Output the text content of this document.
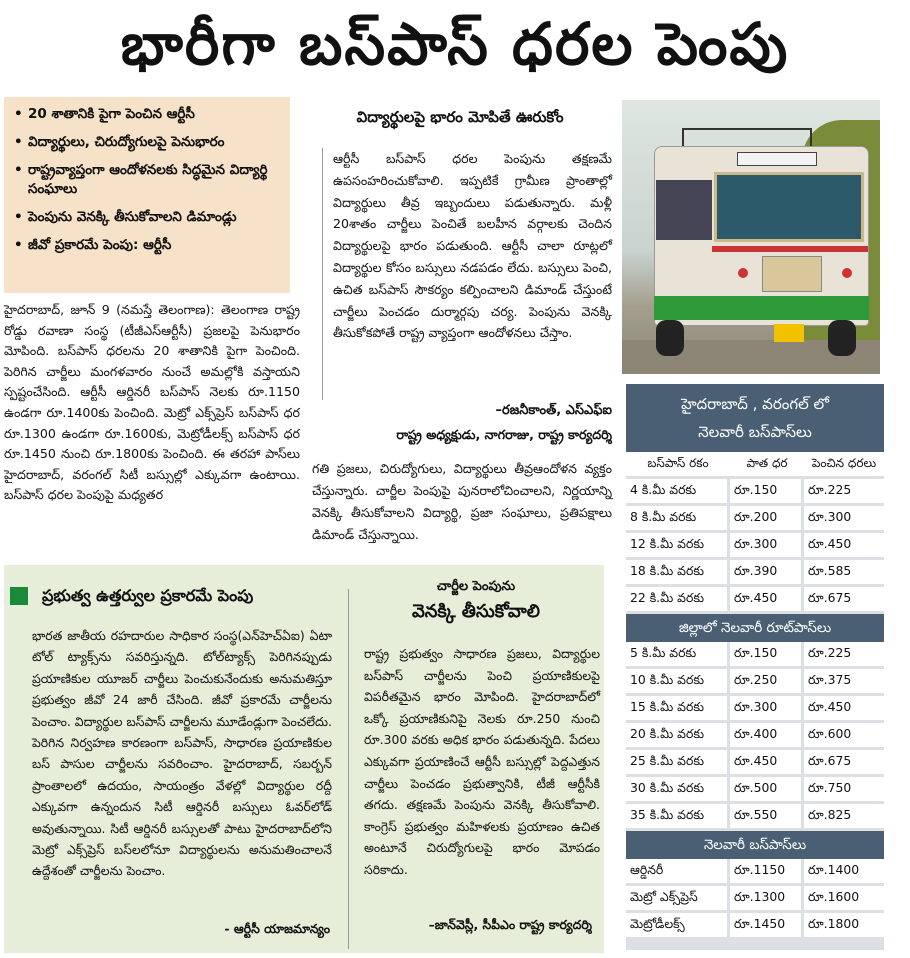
భారీగా బస్‌పాస్ ధరల పెంపు
• 20 శాతానికి పైగా పెంచిన ఆర్టీసీ
• విద్యార్థులు, చిరుద్యోగులపై పెనుభారం
• రాష్ట్రవ్యాప్తంగా ఆందోళనలకు సిద్ధమైన విద్యార్థి సంఘాలు
• పెంపును వెనక్కి తీసుకోవాలని డిమాండ్లు
• జీవో ప్రకారమే పెంపు: ఆర్టీసీ
హైదరాబాద్, జూన్ 9 (నమస్తే తెలంగాణ): తెలంగాణ రాష్ట్ర రోడ్డు రవాణా సంస్థ (టీజీఎస్‌ఆర్టీసీ) ప్రజలపై పెనుభారం మోపింది. బస్‌పాస్ ధరలను 20 శాతానికి పైగా పెంచింది. పెరిగిన చార్జీలు మంగళవారం నుంచే అమల్లోకి వస్తాయని స్పష్టంచేసింది. ఆర్టీసీ ఆర్డినరీ బస్‌పాస్ నెలకు రూ.1150 ఉండగా రూ.1400కు పెంచింది. మెట్రో ఎక్స్‌ప్రెస్ బస్‌పాస్ ధర రూ.1300 ఉండగా రూ.1600కు, మెట్రోడీలక్స్ బస్‌పాస్ ధర రూ.1450 నుంచి రూ.1800కు పెంచింది. ఈ తరహా పాస్‌లు హైదరాబాద్, వరంగల్ సిటీ బస్సుల్లో ఎక్కువగా ఉంటాయి. బస్‌పాస్ ధరల పెంపుపై మధ్యతర
విద్యార్థులపై భారం మోపితే ఊరుకోం
ఆర్టీసీ బస్‌పాస్ ధరల పెంపును తక్షణమే ఉపసంహరించుకోవాలి. ఇప్పటికే గ్రామీణ ప్రాంతాల్లో విద్యార్థులు తీవ్ర ఇబ్బందులు పడుతున్నారు. మళ్లీ 20శాతం చార్జీలు పెంచితే బలహీన వర్గాలకు చెందిన విద్యార్థులపై భారం పడుతుంది. ఆర్టీసీ చాలా రూట్లలో విద్యార్థుల కోసం బస్సులు నడపడం లేదు. బస్సులు పెంచి, ఉచిత బస్‌పాస్ సౌకర్యం కల్పించాలని డిమాండ్ చేస్తుంటే చార్జీలు పెంచడం దుర్మార్గపు చర్య. పెంపును వెనక్కి తీసుకోకపోతే రాష్ట్ర వ్యాప్తంగా ఆందోళనలు చేస్తాం.
–రజనీకాంత్, ఎస్‌ఎఫ్‌ఐ
రాష్ట్ర అధ్యక్షుడు, నాగరాజు, రాష్ట్ర కార్యదర్శి
గతి ప్రజలు, చిరుద్యోగులు, విద్యార్థులు తీవ్రఆందోళన వ్యక్తం చేస్తున్నారు. చార్జీల పెంపుపై పునరాలోచించాలని, నిర్ణయాన్ని వెనక్కి తీసుకోవాలని విద్యార్థి, ప్రజా సంఘాలు, ప్రతిపక్షాలు డిమాండ్ చేస్తున్నాయి.
ప్రభుత్వ ఉత్తర్వుల ప్రకారమే పెంపు
భారత జాతీయ రహదారుల సాధికార సంస్థ(ఎన్‌హెచ్‌ఏఐ) ఏటా టోల్ ట్యాక్స్‌ను సవరిస్తున్నది. టోల్‌ట్యాక్స్ పెరిగినప్పుడు ప్రయాణికుల యూజర్ చార్జీలు పెంచుకునేందుకు అనుమతిస్తూ ప్రభుత్వం జీవో 24 జారీ చేసింది. జీవో ప్రకారమే చార్జీలను పెంచాం. విద్యార్థుల బస్‌పాస్ చార్జీలను మూడేండ్లుగా పెంచలేదు. పెరిగిన నిర్వహణ కారణంగా బస్‌పాస్, సాధారణ ప్రయాణికుల బస్ పాసుల చార్జీలను సవరించాం. హైదరాబాద్, సబర్బన్ ప్రాంతాలలో ఉదయం, సాయంత్రం వేళల్లో విద్యార్థుల రద్దీ ఎక్కువగా ఉన్నందున సిటీ ఆర్డినరీ బస్సులు ఓవర్‌లోడ్ అవుతున్నాయి. సిటీ ఆర్డినరీ బస్సులతో పాటు హైదరాబాద్‌లోని మెట్రో ఎక్స్‌ప్రెస్ బస్‌లలోనూ విద్యార్థులను అనుమతించాలనే ఉద్దేశంతో చార్జీలను పెంచాం.
- ఆర్టీసీ యాజమాన్యం
చార్జీల పెంపును
వెనక్కి తీసుకోవాలి
రాష్ట్ర ప్రభుత్వం సాధారణ ప్రజలు, విద్యార్థుల బస్‌పాస్ చార్జీలను పెంచి ప్రయాణికులపై విపరీతమైన భారం మోపింది. హైదరాబాద్‌లో ఒక్కో ప్రయాణికునిపై నెలకు రూ.250 నుంచి రూ.300 వరకు అధిక భారం పడుతున్నది. పేదలు ఎక్కువగా ప్రయాణించే ఆర్టీసీ బస్సుల్లో పెద్దఎత్తున చార్జీలు పెంచడం ప్రభుత్వానికి, టీజీ ఆర్టీసీకి తగదు. తక్షణమే పెంపును వెనక్కి తీసుకోవాలి. కాంగ్రెస్ ప్రభుత్వం మహిళలకు ప్రయాణం ఉచిత అంటూనే చిరుద్యోగులపై భారం మోపడం సరికాదు.
–జాన్‌వెస్లీ, సీపీఎం రాష్ట్ర కార్యదర్శి
హైదరాబాద్ , వరంగల్ లో
నెలవారీ బస్‌పాస్‌లు
బస్‌పాస్ రకం	పాత ధర	పెంచిన ధరలు
4 కి.మీ వరకు	రూ.150	రూ.225
8 కి.మీ వరకు	రూ.200	రూ.300
12 కి.మీ వరకు	రూ.300	రూ.450
18 కి.మీ వరకు	రూ.390	రూ.585
22 కి.మీ వరకు	రూ.450	రూ.675
జిల్లాలో నెలవారీ రూట్‌పాస్‌లు
5 కి.మీ వరకు	రూ.150	రూ.225
10 కి.మీ వరకు	రూ.250	రూ.375
15 కి.మీ వరకు	రూ.300	రూ.450
20 కి.మీ వరకు	రూ.400	రూ.600
25 కి.మీ వరకు	రూ.450	రూ.675
30 కి.మీ వరకు	రూ.500	రూ.750
35 కి.మీ వరకు	రూ.550	రూ.825
నెలవారీ బస్‌పాస్‌లు
ఆర్డినరీ	రూ.1150	రూ.1400
మెట్రో ఎక్స్‌ప్రెస్	రూ.1300	రూ.1600
మెట్రోడీలక్స్	రూ.1450	రూ.1800
